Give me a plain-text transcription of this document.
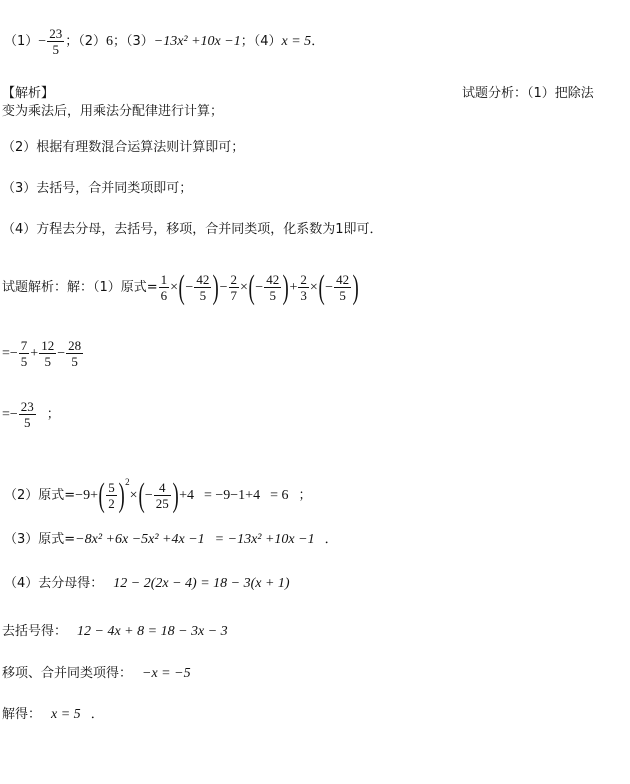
$(1)- \frac{23}{5}$ ；（2）6；（3）−13x² +10x −1；（4）x = 5．
【解析】	试题分析：（1）把除法
变为乘法后，用乘法分配律进行计算；
（2）根据有理数混合运算法则计算即可；
（3）去括号，合并同类项即可；
（4）方程去分母，去括号，移项，合并同类项，化系数为1即可．
试题解析：解：（1）原式= $\frac{1}{6}$ ×(− $\frac{42}{5}$ )− $\frac{2}{7}$ ×(− $\frac{42}{5}$ )+ $\frac{2}{3}$ ×(− $\frac{42}{5}$ )
=− $\frac{7}{5} + \frac{12}{5} - \frac{28}{5}$
=− $\frac{23}{5}$ ；
（2）原式$=-9+( \frac{5}{2} )^2\times(- \frac{4}{25} )+4 = -9-1+4 = 6$ ；
（3）原式=−8x² +6x −5x² +4x −1 = −13x² +10x −1 ．
（4）去分母得： 12 − 2(2x − 4) = 18 − 3(x + 1)
去括号得： 12 − 4x + 8 = 18 − 3x − 3
移项、合并同类项得： −x = −5
解得： x = 5 ．
